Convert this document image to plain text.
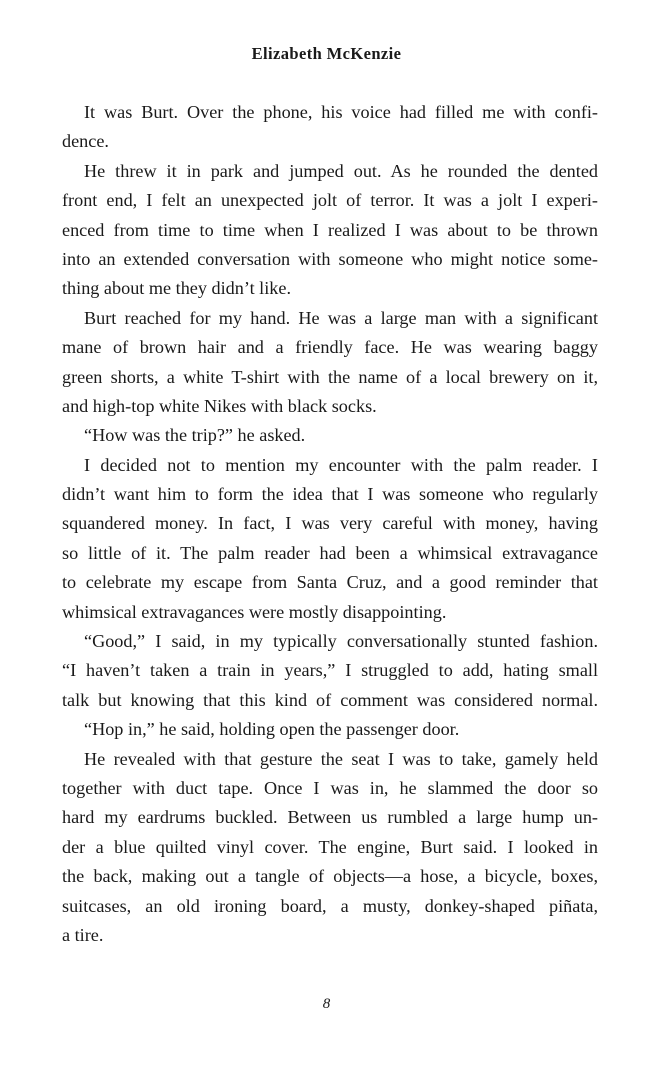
Elizabeth McKenzie
It was Burt. Over the phone, his voice had filled me with confi-
dence.
He threw it in park and jumped out. As he rounded the dented
front end, I felt an unexpected jolt of terror. It was a jolt I experi-
enced from time to time when I realized I was about to be thrown
into an extended conversation with someone who might notice some-
thing about me they didn’t like.
Burt reached for my hand. He was a large man with a significant
mane of brown hair and a friendly face. He was wearing baggy
green shorts, a white T-shirt with the name of a local brewery on it,
and high-top white Nikes with black socks.
“How was the trip?” he asked.
I decided not to mention my encounter with the palm reader. I
didn’t want him to form the idea that I was someone who regularly
squandered money. In fact, I was very careful with money, having
so little of it. The palm reader had been a whimsical extravagance
to celebrate my escape from Santa Cruz, and a good reminder that
whimsical extravagances were mostly disappointing.
“Good,” I said, in my typically conversationally stunted fashion.
“I haven’t taken a train in years,” I struggled to add, hating small
talk but knowing that this kind of comment was considered normal.
“Hop in,” he said, holding open the passenger door.
He revealed with that gesture the seat I was to take, gamely held
together with duct tape. Once I was in, he slammed the door so
hard my eardrums buckled. Between us rumbled a large hump un-
der a blue quilted vinyl cover. The engine, Burt said. I looked in
the back, making out a tangle of objects—a hose, a bicycle, boxes,
suitcases, an old ironing board, a musty, donkey-shaped piñata,
a tire.
8
